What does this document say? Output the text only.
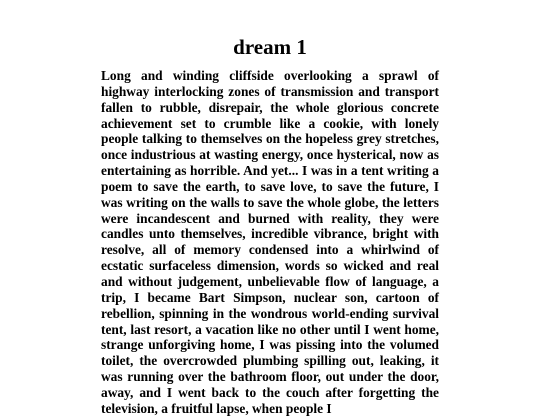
dream 1

Long and winding cliffside overlooking a sprawl of highway interlocking zones of transmission and transport fallen to rubble, disrepair, the whole glorious concrete achievement set to crumble like a cookie, with lonely people talking to themselves on the hopeless grey stretches, once industrious at wasting energy, once hysterical, now as entertaining as horrible. And yet... I was in a tent writing a poem to save the earth, to save love, to save the future, I was writing on the walls to save the whole globe, the letters were incandescent and burned with reality, they were candles unto themselves, incredible vibrance, bright with resolve, all of memory condensed into a whirlwind of ecstatic surfaceless dimension, words so wicked and real and without judgement, unbelievable flow of language, a trip, I became Bart Simpson, nuclear son, cartoon of rebellion, spinning in the wondrous world-ending survival tent, last resort, a vacation like no other until I went home, strange unforgiving home, I was pissing into the volumed toilet, the overcrowded plumbing spilling out, leaking, it was running over the bathroom floor, out under the door, away, and I went back to the couch after forgetting the television, a fruitful lapse, when people I
